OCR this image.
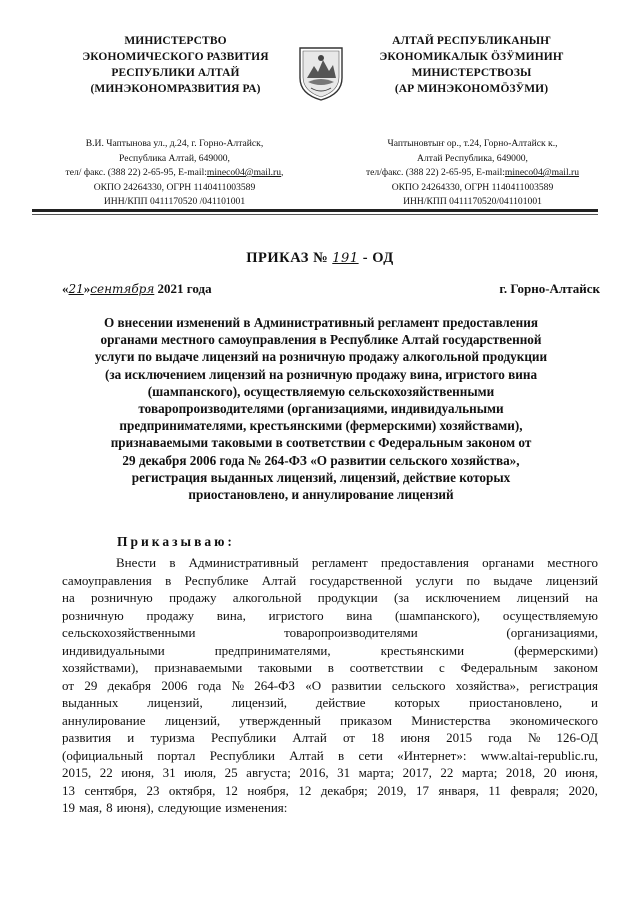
МИНИСТЕРСТВО
ЭКОНОМИЧЕСКОГО РАЗВИТИЯ
РЕСПУБЛИКИ АЛТАЙ
(МИНЭКОНОМРАЗВИТИЯ РА)
АЛТАЙ РЕСПУБЛИКАНЫҤ
ЭКОНОМИКАЛЫК ӦЗӰМИНИҤ
МИНИСТЕРСТВОЗЫ
(АР МИНЭКОНОМӦЗӰМИ)
В.И. Чаптынова ул., д.24, г. Горно-Алтайск,
Республика Алтай, 649000,
тел/ факс. (388 22) 2-65-95, E-mail:mineco04@mail.ru,
ОКПО 24264330, ОГРН 1140411003589
ИНН/КПП 0411170520 /041101001
Чаптыновтыҥ ор., т.24, Горно-Алтайск к.,
Алтай Республика, 649000,
тел/факс. (388 22) 2-65-95, E-mail:mineco04@mail.ru
ОКПО 24264330, ОГРН 1140411003589
ИНН/КПП 0411170520/041101001
ПРИКАЗ № 191 - ОД
«21»сентября 2021 года	г. Горно-Алтайск
О внесении изменений в Административный регламент предоставления
органами местного самоуправления в Республике Алтай государственной
услуги по выдаче лицензий на розничную продажу алкогольной продукции
(за исключением лицензий на розничную продажу вина, игристого вина
(шампанского), осуществляемую сельскохозяйственными
товаропроизводителями (организациями, индивидуальными
предпринимателями, крестьянскими (фермерскими) хозяйствами),
признаваемыми таковыми в соответствии с Федеральным законом от
29 декабря 2006 года № 264-ФЗ «О развитии сельского хозяйства»,
регистрация выданных лицензий, лицензий, действие которых
приостановлено, и аннулирование лицензий
Приказываю:
Внести в Административный регламент предоставления органами местного
самоуправления в Республике Алтай государственной услуги по выдаче лицензий
на розничную продажу алкогольной продукции (за исключением лицензий на
розничную продажу вина, игристого вина (шампанского), осуществляемую
сельскохозяйственными	товаропроизводителями	(организациями,
индивидуальными	предпринимателями,	крестьянскими	(фермерскими)
хозяйствами), признаваемыми таковыми в соответствии с Федеральным законом
от 29 декабря 2006 года № 264-ФЗ «О развитии сельского хозяйства», регистрация
выданных лицензий, лицензий, действие которых приостановлено, и
аннулирование лицензий, утвержденный приказом Министерства экономического
развития и туризма Республики Алтай от 18 июня 2015 года № 126-ОД
(официальный портал Республики Алтай в сети «Интернет»: www.altai-republic.ru,
2015, 22 июня, 31 июля, 25 августа; 2016, 31 марта; 2017, 22 марта; 2018, 20 июня,
13 сентября, 23 октября, 12 ноября, 12 декабря; 2019, 17 января, 11 февраля; 2020,
19 мая, 8 июня), следующие изменения:
